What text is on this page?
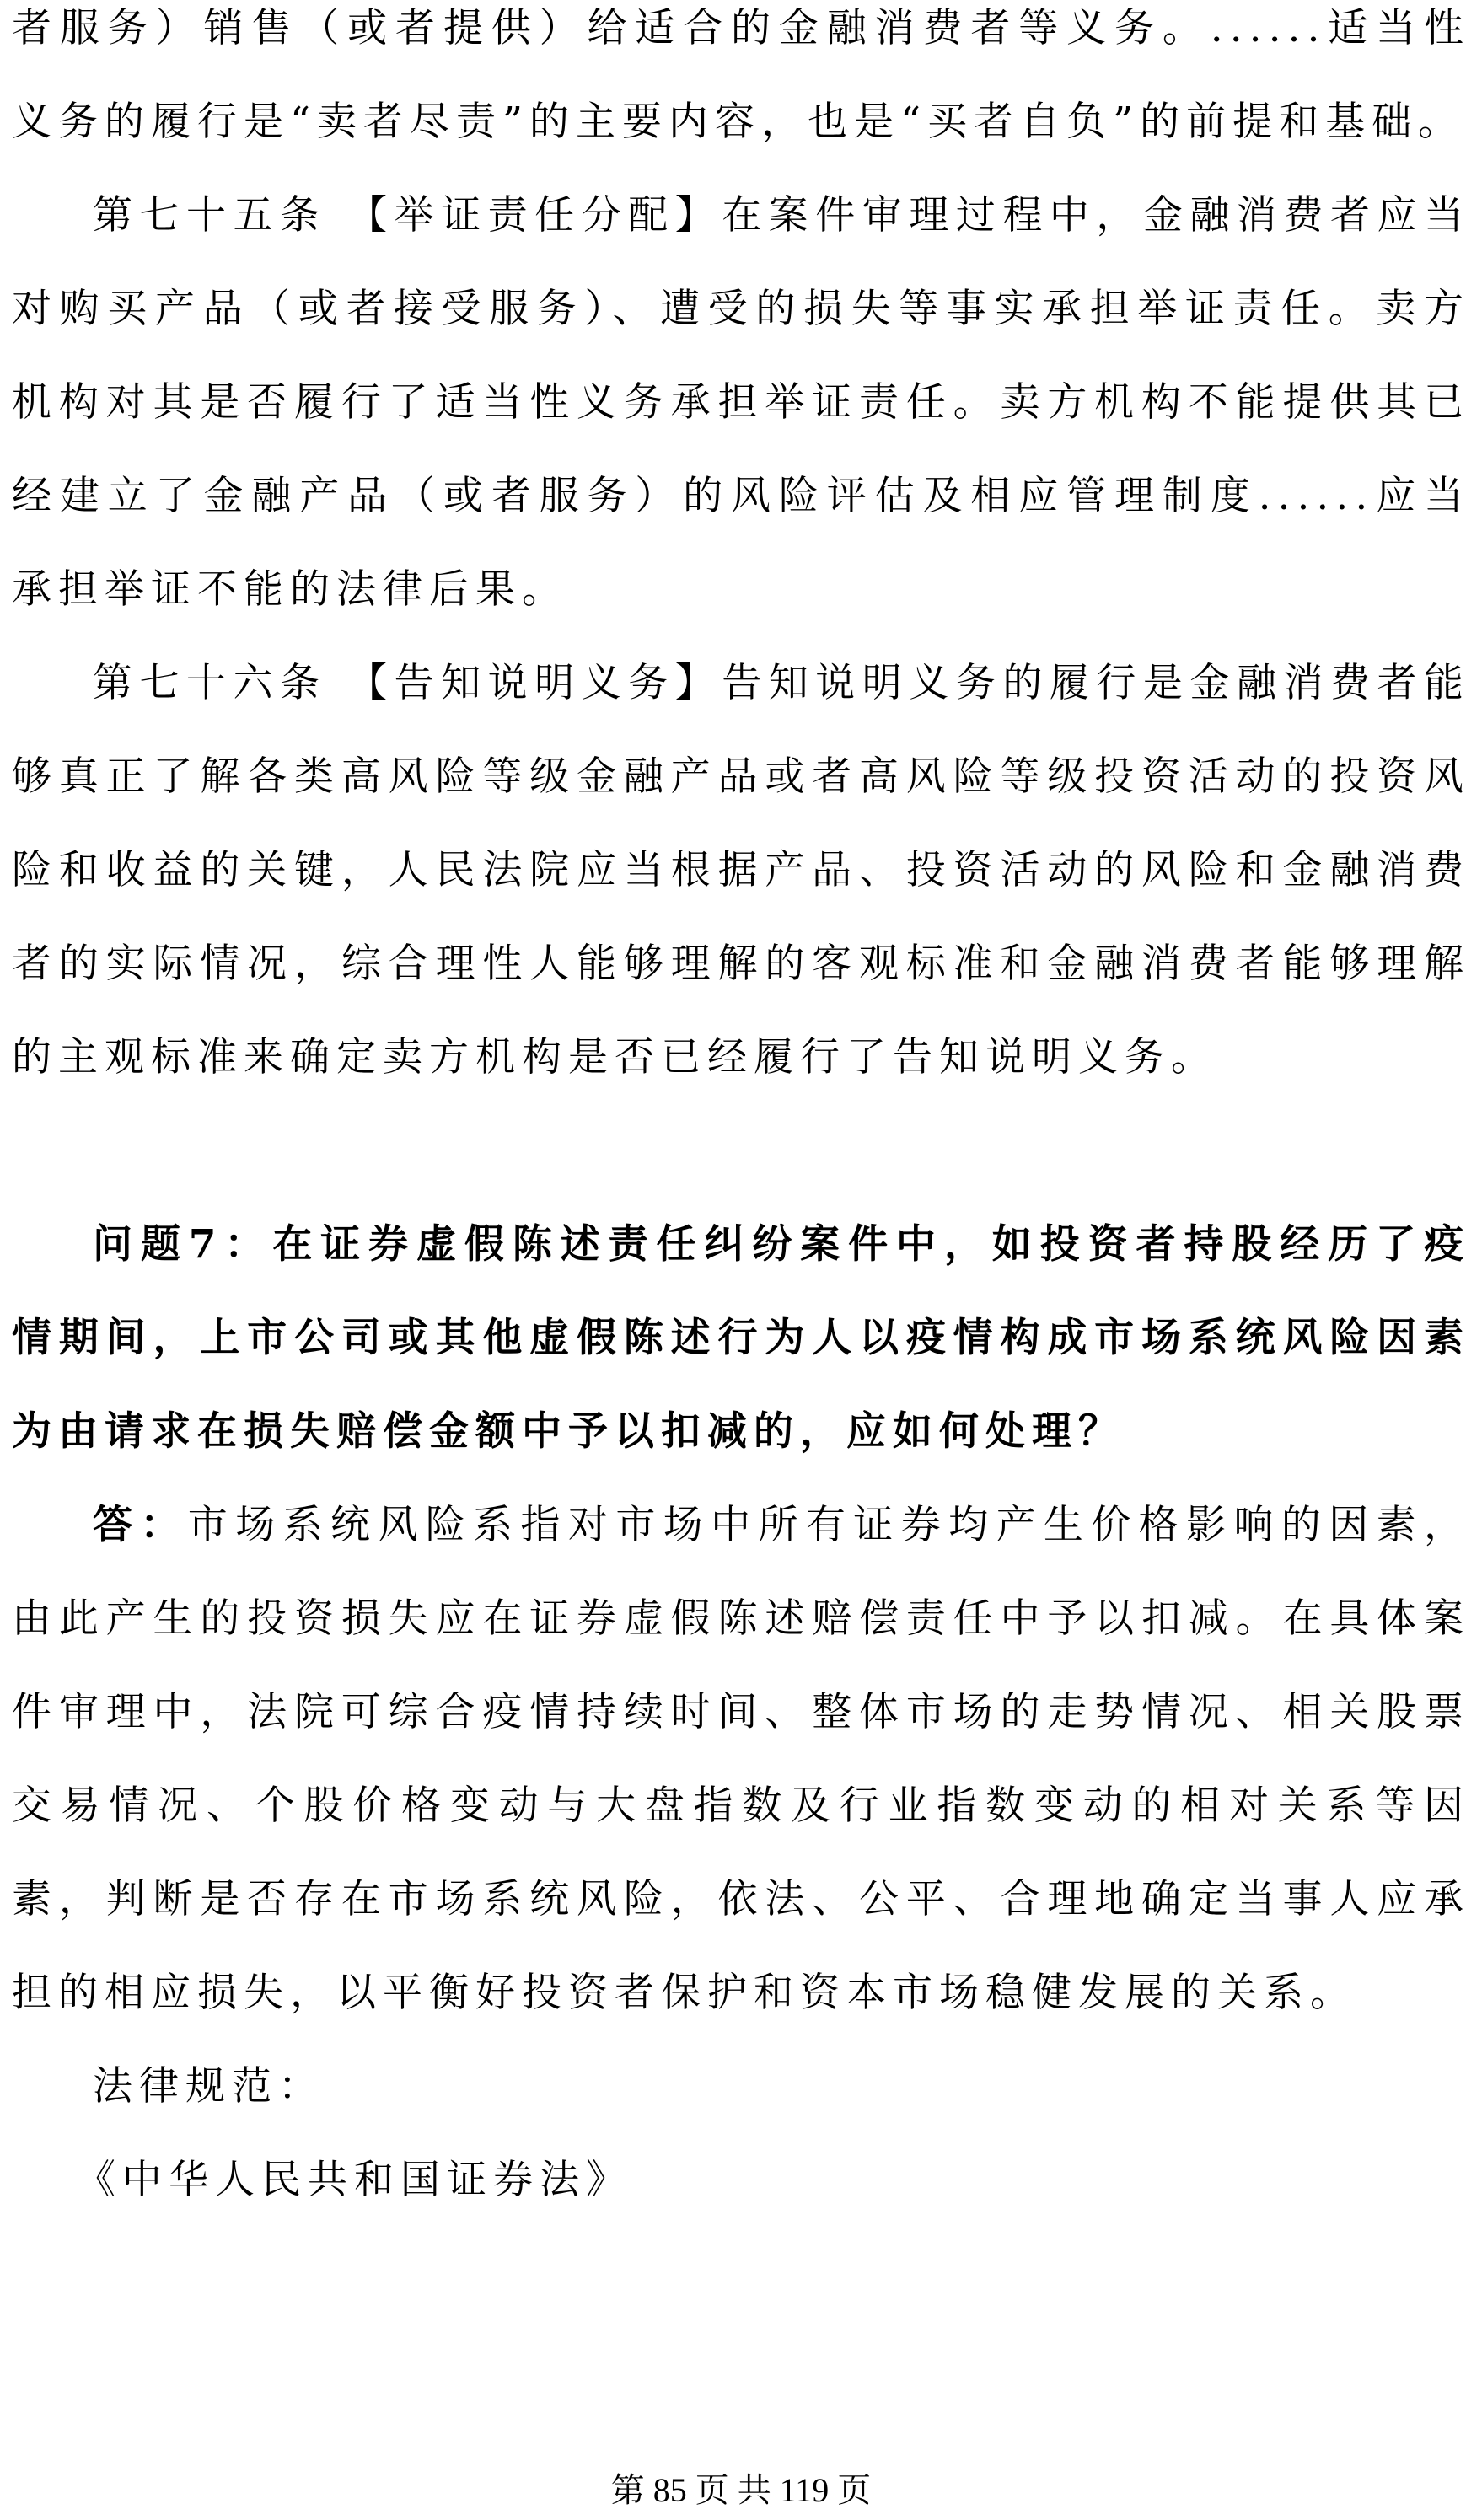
者服务）销售（或者提供）给适合的金融消费者等义务。......适当性义务的履行是“卖者尽责”的主要内容，也是“买者自负”的前提和基础。

第七十五条 【举证责任分配】在案件审理过程中，金融消费者应当对购买产品（或者接受服务）、遭受的损失等事实承担举证责任。卖方机构对其是否履行了适当性义务承担举证责任。卖方机构不能提供其已经建立了金融产品（或者服务）的风险评估及相应管理制度......应当承担举证不能的法律后果。

第七十六条 【告知说明义务】告知说明义务的履行是金融消费者能够真正了解各类高风险等级金融产品或者高风险等级投资活动的投资风险和收益的关键，人民法院应当根据产品、投资活动的风险和金融消费者的实际情况，综合理性人能够理解的客观标准和金融消费者能够理解的主观标准来确定卖方机构是否已经履行了告知说明义务。

问题7：在证券虚假陈述责任纠纷案件中，如投资者持股经历了疫情期间，上市公司或其他虚假陈述行为人以疫情构成市场系统风险因素为由请求在损失赔偿金额中予以扣减的，应如何处理？

答：市场系统风险系指对市场中所有证券均产生价格影响的因素，由此产生的投资损失应在证券虚假陈述赔偿责任中予以扣减。在具体案件审理中，法院可综合疫情持续时间、整体市场的走势情况、相关股票交易情况、个股价格变动与大盘指数及行业指数变动的相对关系等因素，判断是否存在市场系统风险，依法、公平、合理地确定当事人应承担的相应损失，以平衡好投资者保护和资本市场稳健发展的关系。

法律规范：

《中华人民共和国证券法》

第 85 页 共 119 页
